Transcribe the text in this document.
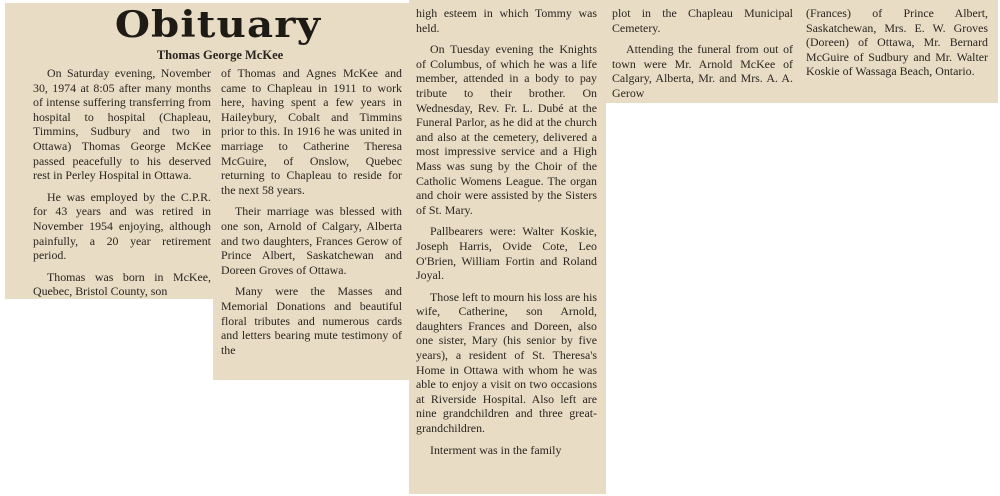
Obituary
Thomas George McKee

On Saturday evening, November 30, 1974 at 8:05 after many months of intense suffering transferring from hospital to hospital (Chapleau, Timmins, Sudbury and two in Ottawa) Thomas George McKee passed peacefully to his deserved rest in Perley Hospital in Ottawa.

He was employed by the C.P.R. for 43 years and was retired in November 1954 enjoying, although painfully, a 20 year retirement period.

Thomas was born in McKee, Quebec, Bristol County, son

of Thomas and Agnes McKee and came to Chapleau in 1911 to work here, having spent a few years in Haileybury, Cobalt and Timmins prior to this. In 1916 he was united in marriage to Catherine Theresa McGuire, of Onslow, Quebec returning to Chapleau to reside for the next 58 years.

Their marriage was blessed with one son, Arnold of Calgary, Alberta and two daughters, Frances Gerow of Prince Albert, Saskatchewan and Doreen Groves of Ottawa.

Many were the Masses and Memorial Donations and beautiful floral tributes and numerous cards and letters bearing mute testimony of the

high esteem in which Tommy was held.

On Tuesday evening the Knights of Columbus, of which he was a life member, attended in a body to pay tribute to their brother. On Wednesday, Rev. Fr. L. Dubé at the Funeral Parlor, as he did at the church and also at the cemetery, delivered a most impressive service and a High Mass was sung by the Choir of the Catholic Womens League. The organ and choir were assisted by the Sisters of St. Mary.

Pallbearers were: Walter Koskie, Joseph Harris, Ovide Cote, Leo O'Brien, William Fortin and Roland Joyal.

Those left to mourn his loss are his wife, Catherine, son Arnold, daughters Frances and Doreen, also one sister, Mary (his senior by five years), a resident of St. Theresa's Home in Ottawa with whom he was able to enjoy a visit on two occasions at Riverside Hospital. Also left are nine grandchildren and three great-grandchildren.

Interment was in the family

plot in the Chapleau Municipal Cemetery.

Attending the funeral from out of town were Mr. Arnold McKee of Calgary, Alberta, Mr. and Mrs. A. A. Gerow

(Frances) of Prince Albert, Saskatchewan, Mrs. E. W. Groves (Doreen) of Ottawa, Mr. Bernard McGuire of Sudbury and Mr. Walter Koskie of Wassaga Beach, Ontario.
